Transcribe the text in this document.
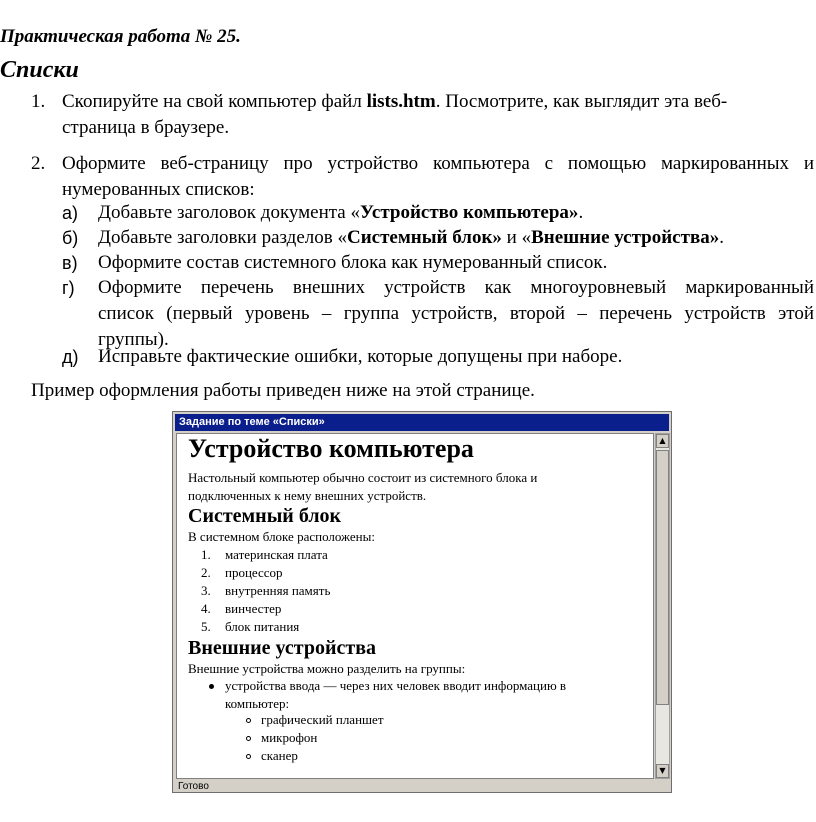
Практическая работа № 25.
Списки
1. Скопируйте на свой компьютер файл lists.htm. Посмотрите, как выглядит эта веб-
страница в браузере.
2. Оформите веб-страницу про устройство компьютера с помощью маркированных и
нумерованных списков:
а) Добавьте заголовок документа «Устройство компьютера».
б) Добавьте заголовки разделов «Системный блок» и «Внешние устройства».
в) Оформите состав системного блока как нумерованный список.
г) Оформите перечень внешних устройств как многоуровневый маркированный
список (первый уровень – группа устройств, второй – перечень устройств этой
группы).
д) Исправьте фактические ошибки, которые допущены при наборе.
Пример оформления работы приведен ниже на этой странице.
Задание по теме «Списки»
Устройство компьютера
Настольный компьютер обычно состоит из системного блока и
подключенных к нему внешних устройств.
Системный блок
В системном блоке расположены:
1. материнская плата
2. процессор
3. внутренняя память
4. винчестер
5. блок питания
Внешние устройства
Внешние устройства можно разделить на группы:
устройства ввода — через них человек вводит информацию в
компьютер:
графический планшет
микрофон
сканер
▲
▼
Готово
